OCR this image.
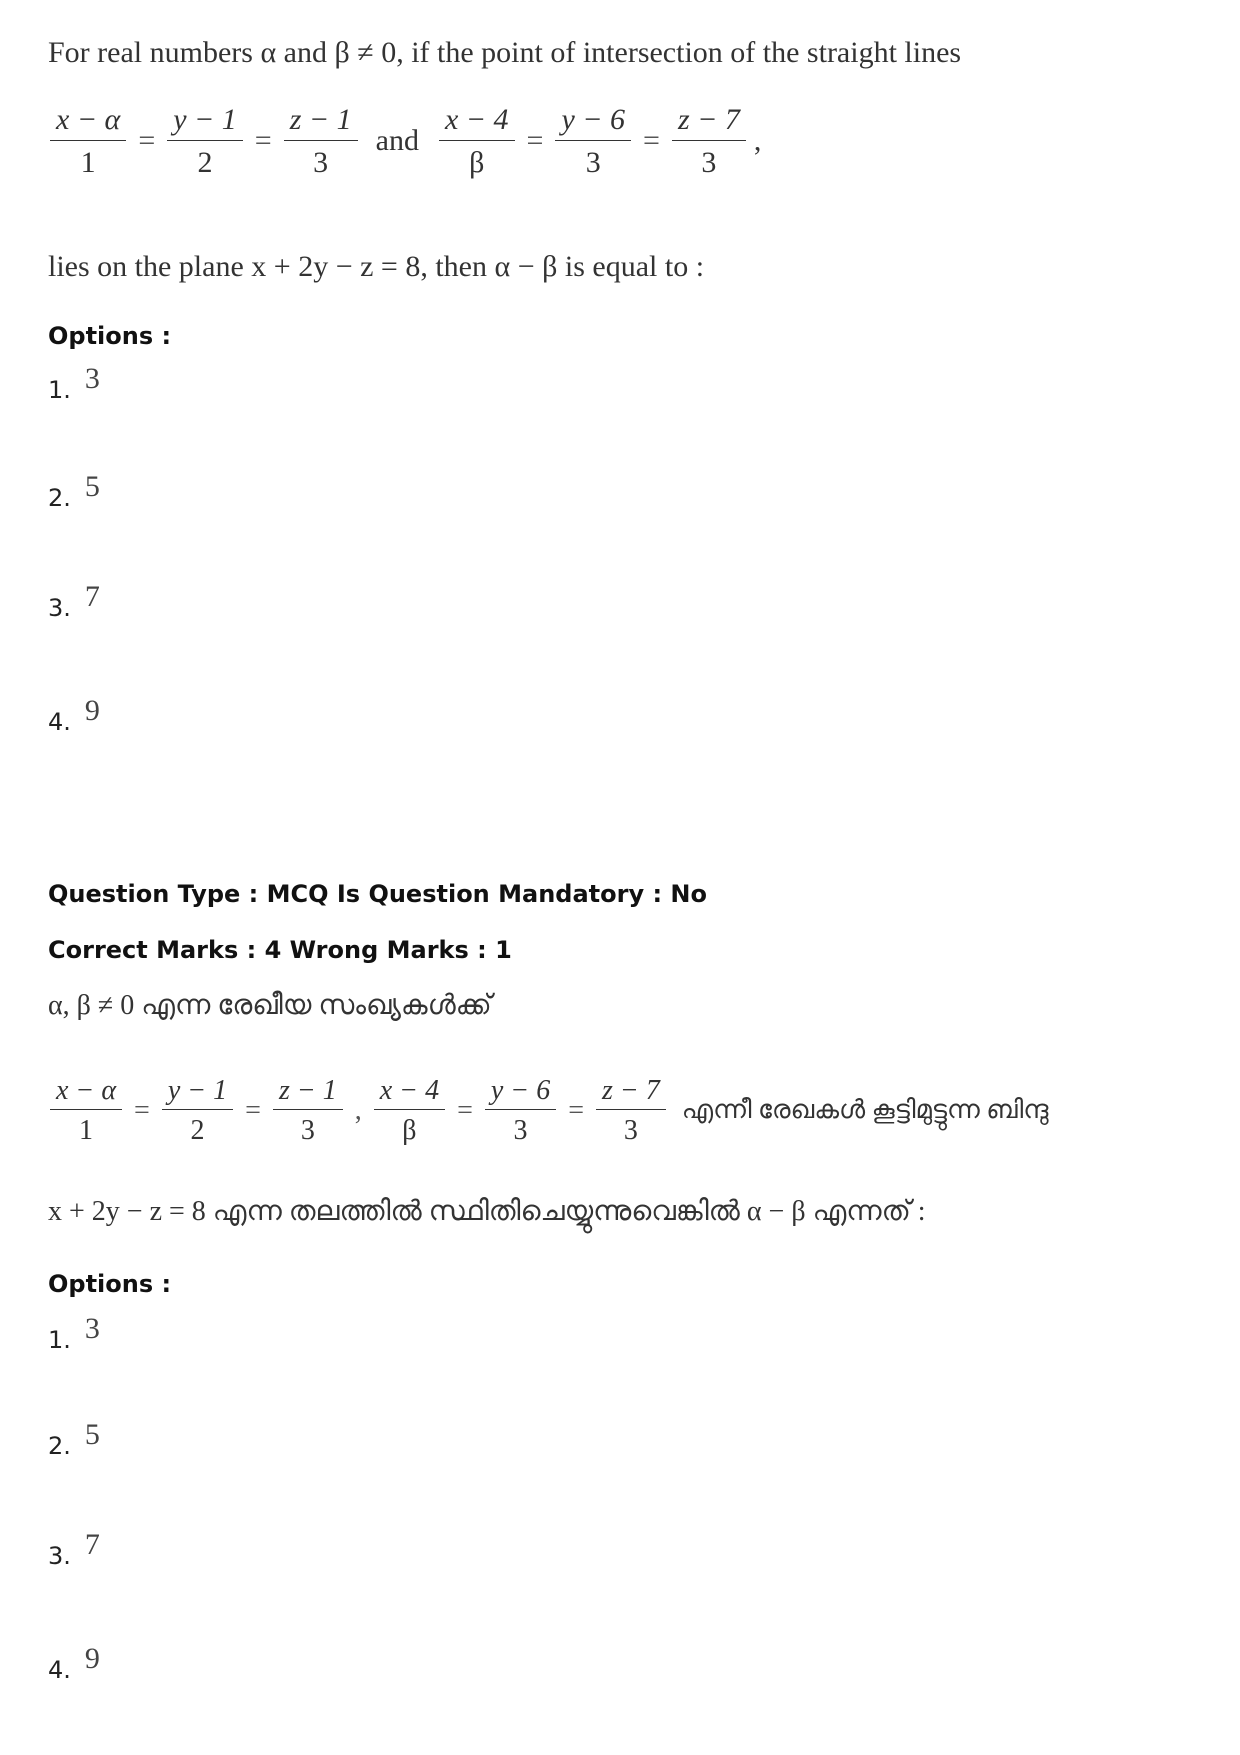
For real numbers α and β ≠ 0, if the point of intersection of the straight lines
$\frac{x - \alpha}{1} = \frac{y - 1}{2} = \frac{z - 1}{3}$ and $\frac{x - 4}{\beta} = \frac{y - 6}{3} = \frac{z - 7}{3}$ ,
lies on the plane x + 2y − z = 8, then α − β is equal to :
Options :
1. 3
2. 5
3. 7
4. 9
Question Type : MCQ Is Question Mandatory : No
Correct Marks : 4 Wrong Marks : 1
α, β ≠ 0 എന്ന രേഖീയ സംഖ്യകൾക്ക്
$\frac{x - \alpha}{1} = \frac{y - 1}{2} = \frac{z - 1}{3}$ , $\frac{x - 4}{\beta} = \frac{y - 6}{3} = \frac{z - 7}{3}$ എന്നീ രേഖകൾ കൂട്ടിമുട്ടുന്ന ബിന്ദു
x + 2y − z = 8 എന്ന തലത്തിൽ സ്ഥിതിചെയ്യുന്നുവെങ്കിൽ α − β എന്നത് :
Options :
1. 3
2. 5
3. 7
4. 9
